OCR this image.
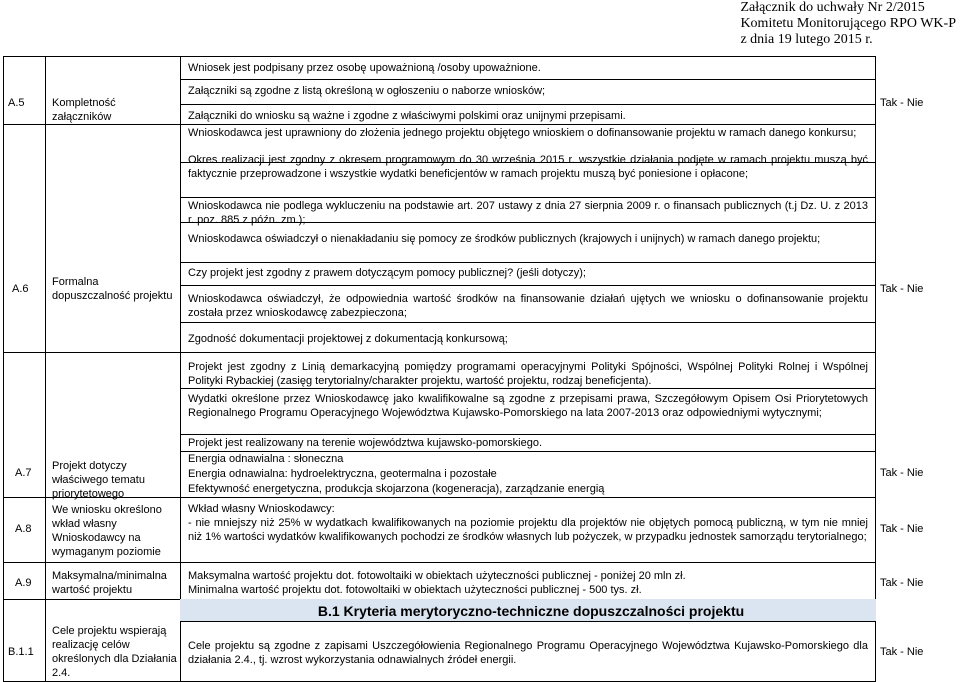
Załącznik do uchwały Nr 2/2015
Komitetu Monitorującego RPO WK-P
z dnia 19 lutego 2015 r.
Wniosek jest podpisany przez osobę upoważnioną /osoby upoważnione.
A.5 Kompletność załączników
Załączniki są zgodne z listą określoną w ogłoszeniu o naborze wniosków;
Załączniki do wniosku są ważne i zgodne z właściwymi polskimi oraz unijnymi przepisami.
Tak - Nie
A.6
Formalna dopuszczalność projektu
Wnioskodawca jest uprawniony do złożenia jednego projektu objętego wnioskiem o dofinansowanie projektu w ramach danego konkursu;
Okres realizacji jest zgodny z okresem programowym do 30 września 2015 r. wszystkie działania podjęte w ramach projektu muszą być faktycznie przeprowadzone i wszystkie wydatki beneficjentów w ramach projektu muszą być poniesione i opłacone;
Wnioskodawca nie podlega wykluczeniu na podstawie art. 207 ustawy z dnia 27 sierpnia 2009 r. o finansach publicznych (t.j Dz. U. z 2013 r. poz. 885 z późn. zm.);
Wnioskodawca oświadczył o nienakładaniu się pomocy ze środków publicznych (krajowych i unijnych) w ramach danego projektu;
Czy projekt jest zgodny z prawem dotyczącym pomocy publicznej? (jeśli dotyczy);
Wnioskodawca oświadczył, że odpowiednia wartość środków na finansowanie działań ujętych we wniosku o dofinansowanie projektu została przez wnioskodawcę zabezpieczona;
Zgodność dokumentacji projektowej z dokumentacją konkursową;
Tak - Nie
A.7
Projekt dotyczy właściwego tematu priorytetowego
Projekt jest zgodny z Linią demarkacyjną pomiędzy programami operacyjnymi Polityki Spójności, Wspólnej Polityki Rolnej i Wspólnej Polityki Rybackiej (zasięg terytorialny/charakter projektu, wartość projektu, rodzaj beneficjenta).
Wydatki określone przez Wnioskodawcę jako kwalifikowalne są zgodne z przepisami prawa, Szczegółowym Opisem Osi Priorytetowych Regionalnego Programu Operacyjnego Województwa Kujawsko-Pomorskiego na lata 2007-2013 oraz odpowiedniymi wytycznymi;
Projekt jest realizowany na terenie województwa kujawsko-pomorskiego.
Energia odnawialna : słoneczna
Energia odnawialna: hydroelektryczna, geotermalna i pozostałe
Efektywność energetyczna, produkcja skojarzona (kogeneracja), zarządzanie energią
Tak - Nie
A.8
We wniosku określono wkład własny Wnioskodawcy na wymaganym poziomie
Wkład własny Wnioskodawcy:
- nie mniejszy niż 25% w wydatkach kwalifikowanych na poziomie projektu dla projektów nie objętych pomocą publiczną, w tym nie mniej niż 1% wartości wydatków kwalifikowanych pochodzi ze środków własnych lub pożyczek, w przypadku jednostek samorządu terytorialnego;
Tak - Nie
A.9
Maksymalna/minimalna wartość projektu
Maksymalna wartość projektu dot. fotowoltaiki w obiektach użyteczności publicznej - poniżej 20 mln zł.
Minimalna wartość projektu dot. fotowoltaiki w obiektach użyteczności publicznej - 500 tys. zł.
Tak - Nie
B.1 Kryteria merytoryczno-techniczne dopuszczalności projektu
B.1.1
Cele projektu wspierają realizację celów określonych dla Działania 2.4.
Cele projektu są zgodne z zapisami Uszczegółowienia Regionalnego Programu Operacyjnego Województwa Kujawsko-Pomorskiego dla działania 2.4., tj. wzrost wykorzystania odnawialnych źródeł energii.
Tak - Nie
